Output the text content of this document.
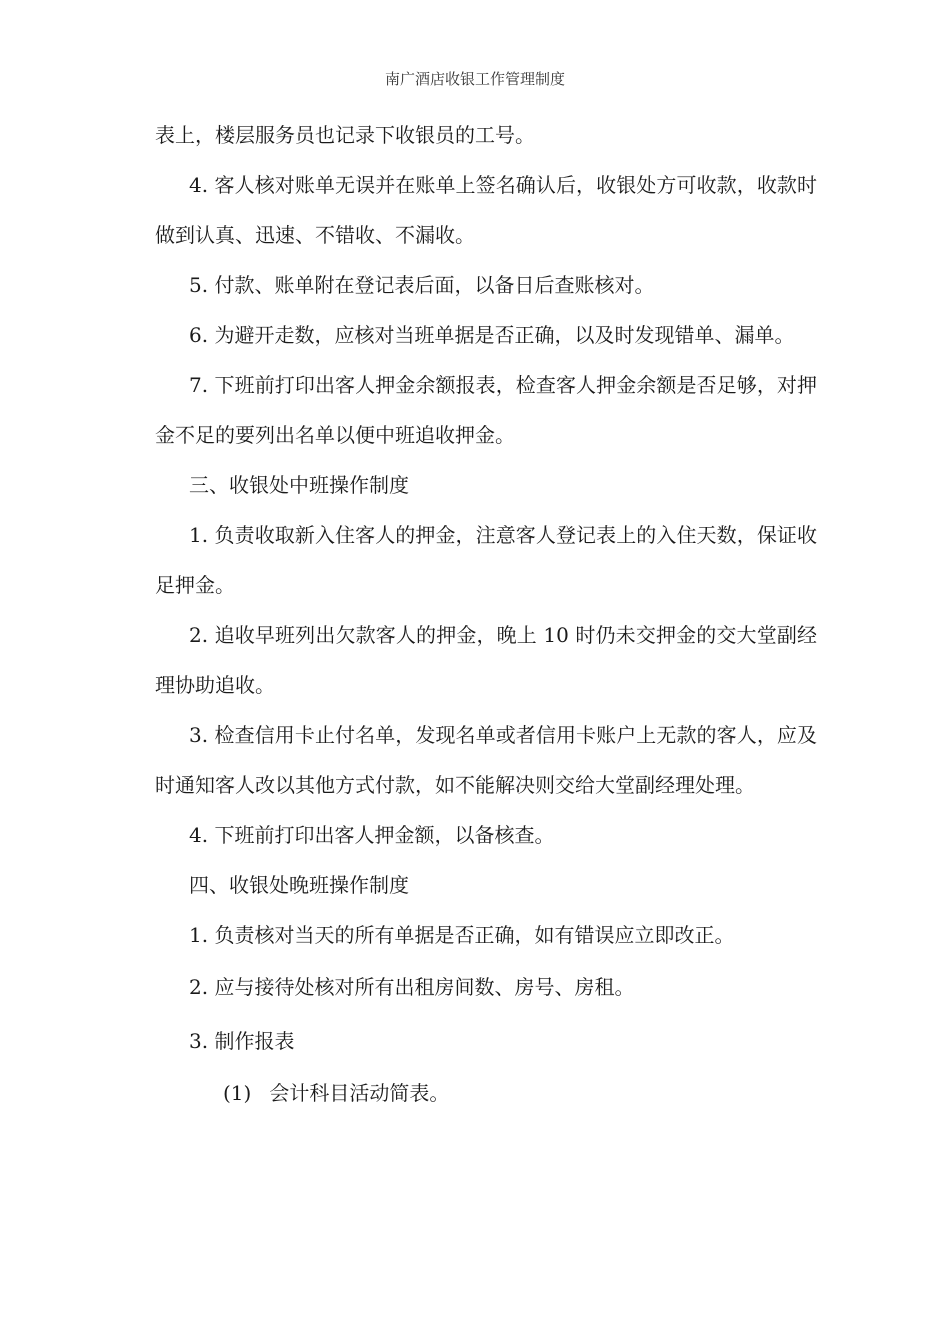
南广酒店收银工作管理制度

表上，楼层服务员也记录下收银员的工号。

4. 客人核对账单无误并在账单上签名确认后，收银处方可收款，收款时做到认真、迅速、不错收、不漏收。

5. 付款、账单附在登记表后面，以备日后查账核对。

6. 为避开走数，应核对当班单据是否正确，以及时发现错单、漏单。

7. 下班前打印出客人押金余额报表，检查客人押金余额是否足够，对押金不足的要列出名单以便中班追收押金。

三、收银处中班操作制度

1. 负责收取新入住客人的押金，注意客人登记表上的入住天数，保证收足押金。

2. 追收早班列出欠款客人的押金，晚上 10 时仍未交押金的交大堂副经理协助追收。

3. 检查信用卡止付名单，发现名单或者信用卡账户上无款的客人，应及时通知客人改以其他方式付款，如不能解决则交给大堂副经理处理。

4. 下班前打印出客人押金额，以备核查。

四、收银处晚班操作制度

1. 负责核对当天的所有单据是否正确，如有错误应立即改正。

2. 应与接待处核对所有出租房间数、房号、房租。

3. 制作报表

(1) 会计科目活动简表。
